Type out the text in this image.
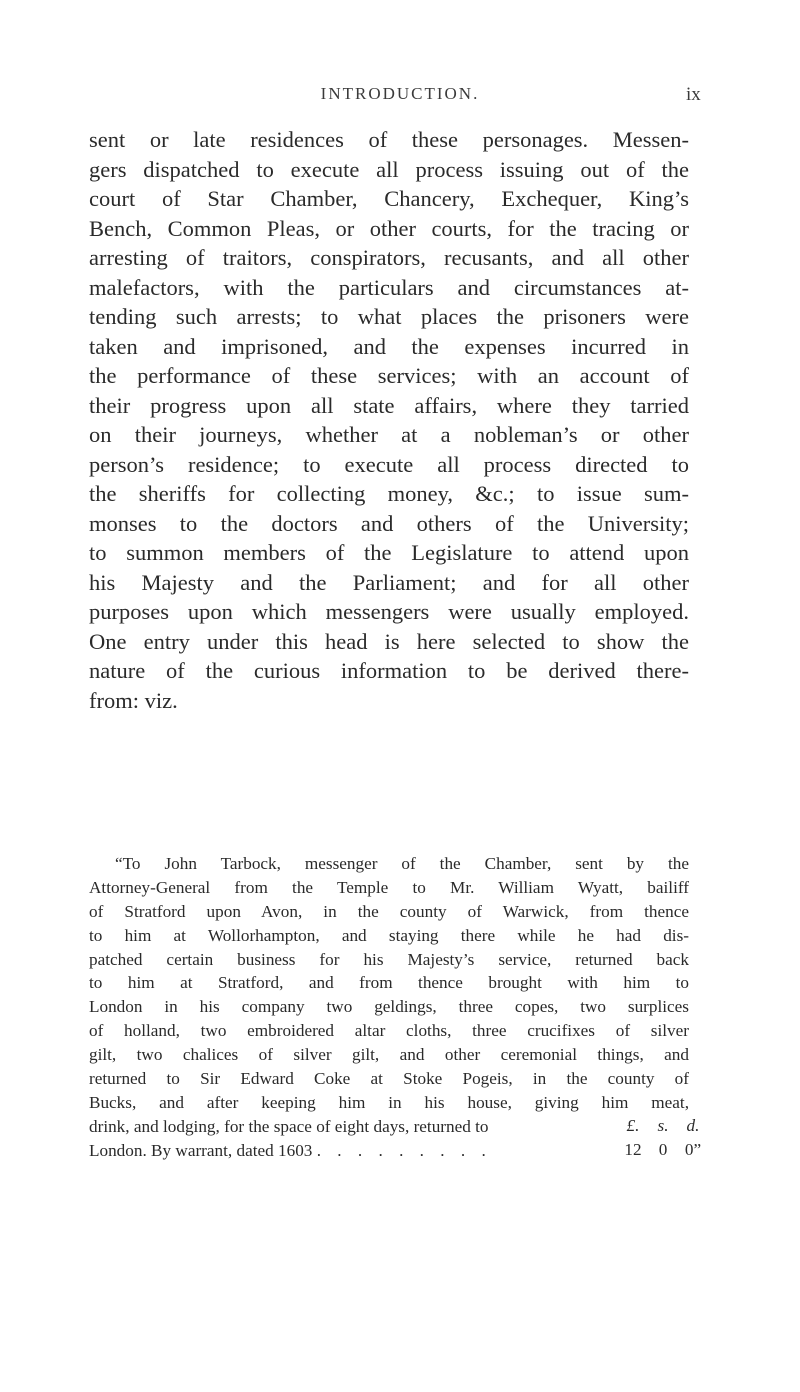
INTRODUCTION.	ix
sent or late residences of these personages. Messen-
gers dispatched to execute all process issuing out of the
court of Star Chamber, Chancery, Exchequer, King’s
Bench, Common Pleas, or other courts, for the tracing or
arresting of traitors, conspirators, recusants, and all other
malefactors, with the particulars and circumstances at-
tending such arrests; to what places the prisoners were
taken and imprisoned, and the expenses incurred in
the performance of these services; with an account of
their progress upon all state affairs, where they tarried
on their journeys, whether at a nobleman’s or other
person’s residence; to execute all process directed to
the sheriffs for collecting money, &c.; to issue sum-
monses to the doctors and others of the University;
to summon members of the Legislature to attend upon
his Majesty and the Parliament; and for all other
purposes upon which messengers were usually employed.
One entry under this head is here selected to show the
nature of the curious information to be derived there-
from: viz.
“To John Tarbock, messenger of the Chamber, sent by the
Attorney-General from the Temple to Mr. William Wyatt, bailiff
of Stratford upon Avon, in the county of Warwick, from thence
to him at Wollorhampton, and staying there while he had dis-
patched certain business for his Majesty’s service, returned back
to him at Stratford, and from thence brought with him to
London in his company two geldings, three copes, two surplices
of holland, two embroidered altar cloths, three crucifixes of silver
gilt, two chalices of silver gilt, and other ceremonial things, and
returned to Sir Edward Coke at Stoke Pogeis, in the county of
Bucks, and after keeping him in his house, giving him meat,
drink, and lodging, for the space of eight days, returned to
London. By warrant, dated 1603 . . . . . . . . .
£. s. d.
12 0 0”
